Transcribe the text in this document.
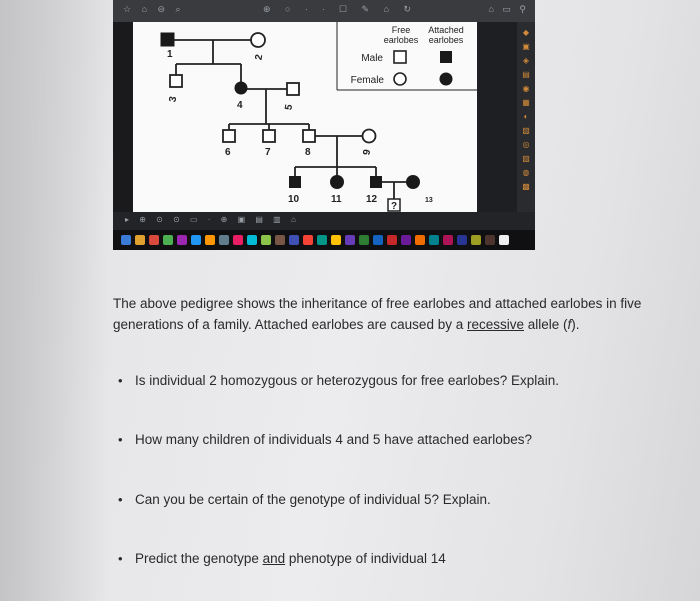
☆ ⌂ ⊖ ⌕	⊕ ○ ∙ ∙ ☐ ✎ ⌂ ↻	⌂ ▭ ⚲
?
1	2
3
4	5
6	7	8	9
10	11 12	13
Free
earlobes
Attached
earlobes
Male
Female
◆
▣
◈
▤
◉
▦
◐
▧
◎
▨
◍
▩
▸ ⊕ ⊙ ⊙ ▭ · ⊕ ▣ ▤ ▥ ⌂
The above pedigree shows the inheritance of free earlobes and attached earlobes in five generations of a family. Attached earlobes are caused by a recessive allele (f).
• Is individual 2 homozygous or heterozygous for free earlobes? Explain.
• How many children of individuals 4 and 5 have attached earlobes?
• Can you be certain of the genotype of individual 5? Explain.
• Predict the genotype and phenotype of individual 14
